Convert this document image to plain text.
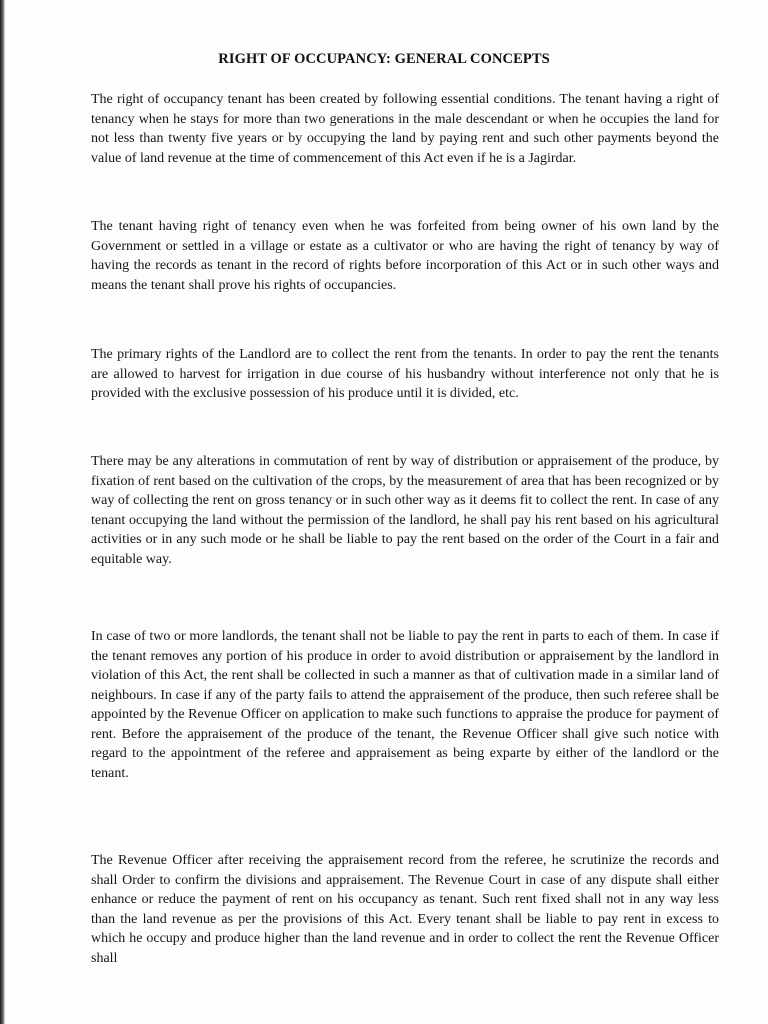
RIGHT OF OCCUPANCY: GENERAL CONCEPTS

The right of occupancy tenant has been created by following essential conditions. The tenant having a right of tenancy when he stays for more than two generations in the male descendant or when he occupies the land for not less than twenty five years or by occupying the land by paying rent and such other payments beyond the value of land revenue at the time of commencement of this Act even if he is a Jagirdar.

The tenant having right of tenancy even when he was forfeited from being owner of his own land by the Government or settled in a village or estate as a cultivator or who are having the right of tenancy by way of having the records as tenant in the record of rights before incorporation of this Act or in such other ways and means the tenant shall prove his rights of occupancies.

The primary rights of the Landlord are to collect the rent from the tenants. In order to pay the rent the tenants are allowed to harvest for irrigation in due course of his husbandry without interference not only that he is provided with the exclusive possession of his produce until it is divided, etc.

There may be any alterations in commutation of rent by way of distribution or appraisement of the produce, by fixation of rent based on the cultivation of the crops, by the measurement of area that has been recognized or by way of collecting the rent on gross tenancy or in such other way as it deems fit to collect the rent. In case of any tenant occupying the land without the permission of the landlord, he shall pay his rent based on his agricultural activities or in any such mode or he shall be liable to pay the rent based on the order of the Court in a fair and equitable way.

In case of two or more landlords, the tenant shall not be liable to pay the rent in parts to each of them. In case if the tenant removes any portion of his produce in order to avoid distribution or appraisement by the landlord in violation of this Act, the rent shall be collected in such a manner as that of cultivation made in a similar land of neighbours. In case if any of the party fails to attend the appraisement of the produce, then such referee shall be appointed by the Revenue Officer on application to make such functions to appraise the produce for payment of rent. Before the appraisement of the produce of the tenant, the Revenue Officer shall give such notice with regard to the appointment of the referee and appraisement as being exparte by either of the landlord or the tenant.

The Revenue Officer after receiving the appraisement record from the referee, he scrutinize the records and shall Order to confirm the divisions and appraisement. The Revenue Court in case of any dispute shall either enhance or reduce the payment of rent on his occupancy as tenant. Such rent fixed shall not in any way less than the land revenue as per the provisions of this Act. Every tenant shall be liable to pay rent in excess to which he occupy and produce higher than the land revenue and in order to collect the rent the Revenue Officer shall
